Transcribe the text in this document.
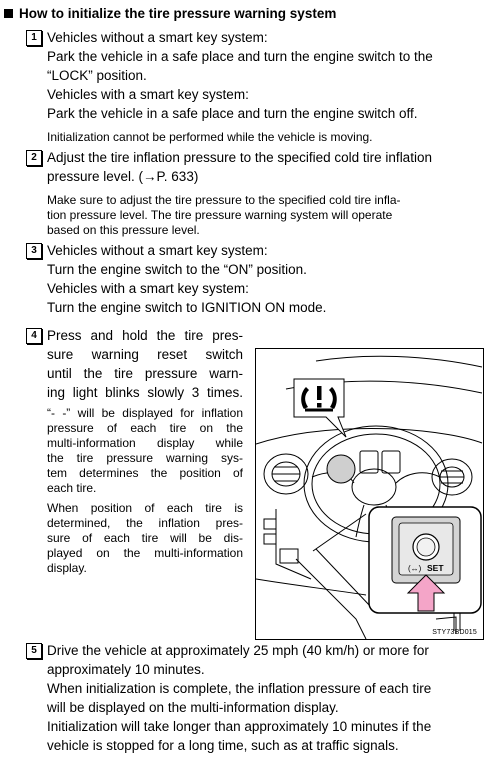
How to initialize the tire pressure warning system
1 Vehicles without a smart key system:
Park the vehicle in a safe place and turn the engine switch to the
“LOCK” position.
Vehicles with a smart key system:
Park the vehicle in a safe place and turn the engine switch off.
Initialization cannot be performed while the vehicle is moving.
2 Adjust the tire inflation pressure to the specified cold tire inflation
pressure level. (→P. 633)
Make sure to adjust the tire pressure to the specified cold tire infla-
tion pressure level. The tire pressure warning system will operate
based on this pressure level.
3 Vehicles without a smart key system:
Turn the engine switch to the “ON” position.
Vehicles with a smart key system:
Turn the engine switch to IGNITION ON mode.
4 Press and hold the tire pres-
sure warning reset switch
until the tire pressure warn-
ing light blinks slowly 3 times.
“- -” will be displayed for inflation
pressure of each tire on the
multi-information display while
the tire pressure warning sys-
tem determines the position of
each tire.
When position of each tire is
determined, the inflation pres-
sure of each tire will be dis-
played on the multi-information
display.	(↔) SET
STY73BD015
5 Drive the vehicle at approximately 25 mph (40 km/h) or more for
approximately 10 minutes.
When initialization is complete, the inflation pressure of each tire
will be displayed on the multi-information display.
Initialization will take longer than approximately 10 minutes if the
vehicle is stopped for a long time, such as at traffic signals.
